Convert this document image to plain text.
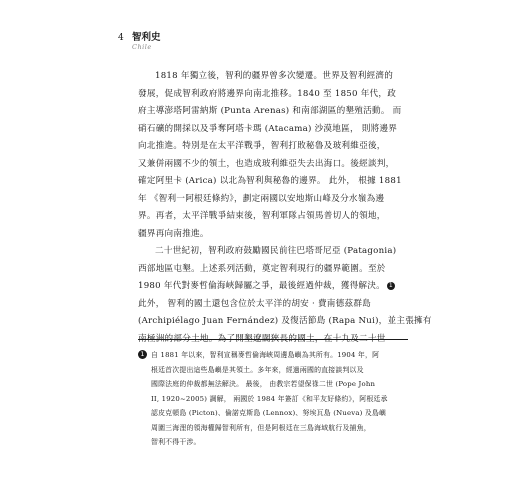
4 智利史
Chile
1818 年獨立後，智利的疆界曾多次變遷。世界及智利經濟的
發展，促成智利政府將邊界向南北推移。1840 至 1850 年代，政
府主導澎塔阿雷納斯 (Punta Arenas) 和南部湖區的墾殖活動。 而
硝石礦的開採以及爭奪阿塔卡瑪 (Atacama) 沙漠地區， 則將邊界
向北推進。特別是在太平洋戰爭，智利打敗秘魯及玻利維亞後，
又兼併兩國不少的領土，也造成玻利維亞失去出海口。後經談判，
確定阿里卡 (Arica) 以北為智利與秘魯的邊界。 此外， 根據 1881
年 《智利一阿根廷條約》，劃定兩國以安地斯山峰及分水嶺為邊
界。再者，太平洋戰爭結束後，智利軍隊占領馬普切人的領地，
疆界再向南推進。
二十世紀初，智利政府鼓勵國民前往巴塔哥尼亞 (Patagonia)
西部地區屯墾。上述系列活動，奠定智利現行的疆界範圍。至於
1980 年代對麥哲倫海峽歸屬之爭，最後經過仲裁，獲得解決。 1
此外， 智利的國土還包含位於太平洋的胡安 · 費南德茲群島
(Archipiélago Juan Fernández) 及復活節島 (Rapa Nui)，並主張擁有
南極洲的部分土地。為了開墾遼闊狹長的國土，在十九及二十世
1 自 1881 年以來，智利宣稱麥哲倫海峽周邊島嶼為其所有。1904 年，阿
根廷首次提出這些島嶼是其領土。多年來，經過兩國的直接談判以及
國際法庭的仲裁都無法解決。 最後， 由教宗若望保祿二世 (Pope John
II, 1920~2005) 調解， 兩國於 1984 年簽訂《和平友好條約》，阿根廷承
認皮克頓島 (Picton)、倫諾克斯島 (Lennox)、努埃瓦島 (Nueva) 及島嶼
周圍三海浬的領海權歸智利所有，但是阿根廷在三島海域航行及捕魚，
智利不得干涉。
